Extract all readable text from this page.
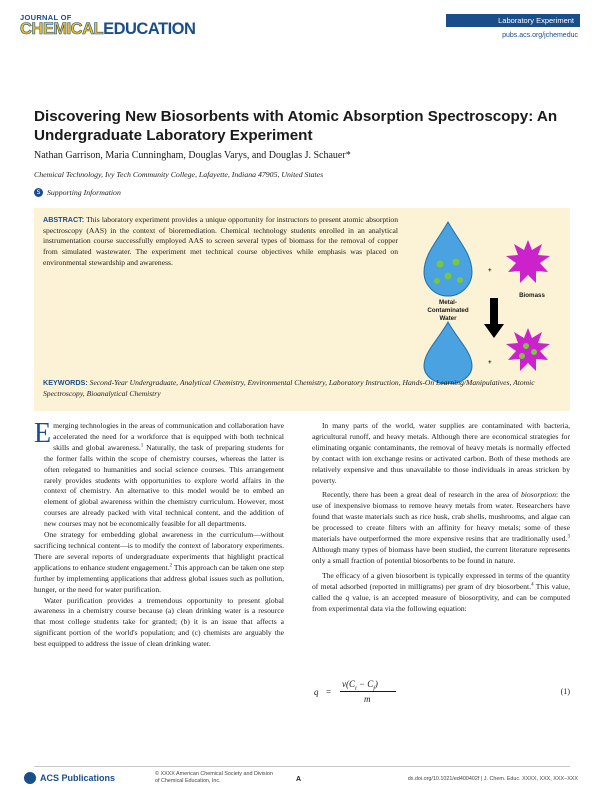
JOURNAL OF
CHEMICALEDUCATION	Laboratory Experiment
pubs.acs.org/jchemeduc
Discovering New Biosorbents with Atomic Absorption Spectroscopy: An Undergraduate Laboratory Experiment
Nathan Garrison, Maria Cunningham, Douglas Varys, and Douglas J. Schauer*
Chemical Technology, Ivy Tech Community College, Lafayette, Indiana 47905, United States
S Supporting Information
ABSTRACT: This laboratory experiment provides a unique opportunity for instructors to present atomic absorption spectroscopy (AAS) in the context of bioremediation. Chemical technology students enrolled in an analytical instrumentation course successfully employed AAS to screen several types of biomass for the removal of copper from simulated wastewater. The experiment met technical course objectives while emphasis was placed on environmental stewardship and awareness.
+
Biomass
Metal-
Contaminated
Water
+
KEYWORDS: Second-Year Undergraduate, Analytical Chemistry, Environmental Chemistry, Laboratory Instruction, Hands-On Learning/Manipulatives, Atomic Spectroscopy, Bioanalytical Chemistry

Emerging technologies in the areas of communication and collaboration have accelerated the need for a workforce that is equipped with both technical skills and global awareness.$^1$ Naturally, the task of preparing students for the former falls within the scope of chemistry courses, whereas the latter is often relegated to humanities and social science courses. This arrangement rarely provides students with opportunities to explore world affairs in the context of chemistry. An alternative to this model would be to embed an element of global awareness within the chemistry curriculum. However, most courses are already packed with vital technical content, and the addition of new courses may not be economically feasible for all departments.

One strategy for embedding global awareness in the curriculum—without sacrificing technical content—is to modify the context of laboratory experiments. There are several reports of undergraduate experiments that highlight practical applications to enhance student engagement.$^2$ This approach can be taken one step further by implementing applications that address global issues such as pollution, hunger, or the need for water purification.

Water purification provides a tremendous opportunity to present global awareness in a chemistry course because (a) clean drinking water is a resource that most college students take for granted; (b) it is an issue that affects a significant portion of the world's population; and (c) chemists are arguably the best equipped to address the issue of clean drinking water.

In many parts of the world, water supplies are contaminated with bacteria, agricultural runoff, and heavy metals. Although there are economical strategies for eliminating organic contaminants, the removal of heavy metals is normally effected by contact with ion exchange resins or activated carbon. Both of these methods are relatively expensive and thus unavailable to those individuals in areas stricken by poverty.

Recently, there has been a great deal of research in the area of biosorption: the use of inexpensive biomass to remove heavy metals from water. Researchers have found that waste materials such as rice husk, crab shells, mushrooms, and algae can be processed to create filters with an affinity for heavy metals; some of these materials have outperformed the more expensive resins that are traditionally used.$^3$ Although many types of biomass have been studied, the current literature represents only a small fraction of potential biosorbents to be found in nature.

The efficacy of a given biosorbent is typically expressed in terms of the quantity of metal adsorbed (reported in milligrams) per gram of dry biosorbent.$^4$ This value, called the q value, is an accepted measure of biosorptivity, and can be computed from experimental data via the following equation:

q =
$v(C_i - C_f)$
m
(1)
ACS Publications	© XXXX American Chemical Society and Division of Chemical Education, Inc.	A	dx.doi.org/10.1021/ed400402f | J. Chem. Educ. XXXX, XXX, XXX−XXX
